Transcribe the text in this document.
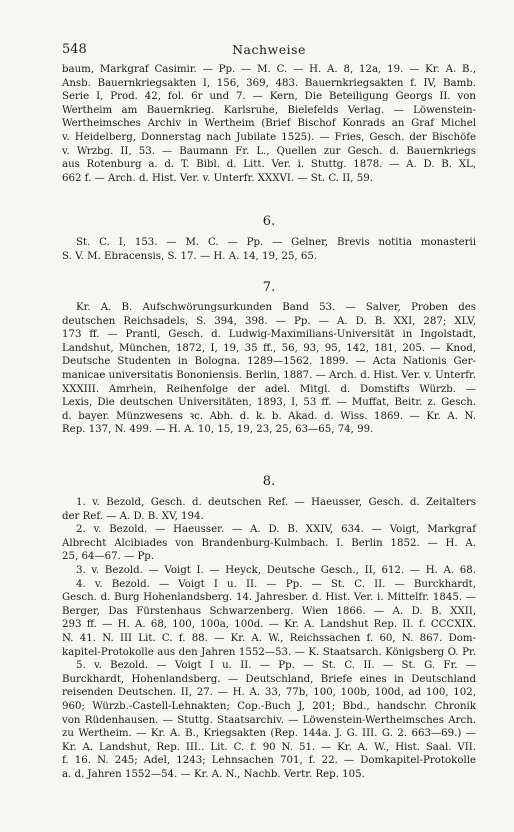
548	Nachweise
baum, Markgraf Casimir. — Pp. — M. C. — H. A. 8, 12a, 19. — Kr. A. B.,
Ansb. Bauernkriegsakten I, 156, 369, 483. Bauernkriegsakten f. IV, Bamb.
Serie I, Prod. 42, fol. 6r und 7. — Kern, Die Beteiligung Georgs II. von
Wertheim am Bauernkrieg. Karlsruhe, Bielefelds Verlag. — Löwenstein-
Wertheimsches Archiv in Wertheim (Brief Bischof Konrads an Graf Michel
v. Heidelberg, Donnerstag nach Jubilate 1525). — Fries, Gesch. der Bischöfe
v. Wrzbg. II, 53. — Baumann Fr. L., Quellen zur Gesch. d. Bauernkriegs
aus Rotenburg a. d. T. Bibl. d. Litt. Ver. i. Stuttg. 1878. — A. D. B. XL,
662 f. — Arch. d. Hist. Ver. v. Unterfr. XXXVI. — St. C. II, 59.
6.
St. C. I, 153. — M. C. — Pp. — Gelner, Brevis notitia monasterii
S. V. M. Ebracensis, S. 17. — H. A. 14, 19, 25, 65.
7.
Kr. A. B. Aufschwörungsurkunden Band 53. — Salver, Proben des
deutschen Reichsadels, S. 394, 398. — Pp. — A. D. B. XXI, 287; XLV,
173 ff. — Prantl, Gesch. d. Ludwig-Maximilians-Universität in Ingolstadt,
Landshut, München, 1872, I, 19, 35 ff., 56, 93, 95, 142, 181, 205. — Knod,
Deutsche Studenten in Bologna. 1289—1562. 1899. — Acta Nationis Ger-
manicae universitatis Bononiensis. Berlin, 1887. — Arch. d. Hist. Ver. v. Unterfr.
XXXIII. Amrhein, Reihenfolge der adel. Mitgl. d. Domstifts Würzb. —
Lexis, Die deutschen Universitäten, 1893, I, 53 ff. — Muffat, Beitr. z. Gesch.
d. bayer. Münzwesens ꝛc. Abh. d. k. b. Akad. d. Wiss. 1869. — Kr. A. N.
Rep. 137, N. 499. — H. A. 10, 15, 19, 23, 25, 63—65, 74, 99.
8.
1. v. Bezold, Gesch. d. deutschen Ref. — Haeusser, Gesch. d. Zeitalters
der Ref. — A. D. B. XV, 194.
2. v. Bezold. — Haeusser. — A. D. B. XXIV, 634. — Voigt, Markgraf
Albrecht Alcibiades von Brandenburg-Kulmbach. I. Berlin 1852. — H. A.
25, 64—67. — Pp.
3. v. Bezold. — Voigt I. — Heyck, Deutsche Gesch., II, 612. — H. A. 68.
4. v. Bezold. — Voigt I u. II. — Pp. — St. C. II. — Burckhardt,
Gesch. d. Burg Hohenlandsberg. 14. Jahresber. d. Hist. Ver. i. Mittelfr. 1845. —
Berger, Das Fürstenhaus Schwarzenberg. Wien 1866. — A. D. B. XXII,
293 ff. — H. A. 68, 100, 100a, 100d. — Kr. A. Landshut Rep. II. f. CCCXIX.
N. 41. N. III Lit. C. f. 88. — Kr. A. W., Reichssachen f. 60, N. 867. Dom-
kapitel-Protokolle aus den Jahren 1552—53. — K. Staatsarch. Königsberg O. Pr.
5. v. Bezold. — Voigt I u. II. — Pp. — St. C. II. — St. G. Fr. —
Burckhardt, Hohenlandsberg. — Deutschland, Briefe eines in Deutschland
reisenden Deutschen. II, 27. — H. A. 33, 77b, 100, 100b, 100d, ad 100, 102,
960; Würzb.-Castell-Lehnakten; Cop.-Buch J, 201; Bbd., handschr. Chronik
von Rüdenhausen. — Stuttg. Staatsarchiv. — Löwenstein-Wertheimsches Arch.
zu Wertheim. — Kr. A. B., Kriegsakten (Rep. 144a. J. G. III. G. 2. 663—69.) —
Kr. A. Landshut, Rep. III.. Lit. C. f. 90 N. 51. — Kr. A. W., Hist. Saal. VII.
f. 16. N. 245; Adel, 1243; Lehnsachen 701, f. 22. — Domkapitel-Protokolle
a. d. Jahren 1552—54. — Kr. A. N., Nachb. Vertr. Rep. 105.
